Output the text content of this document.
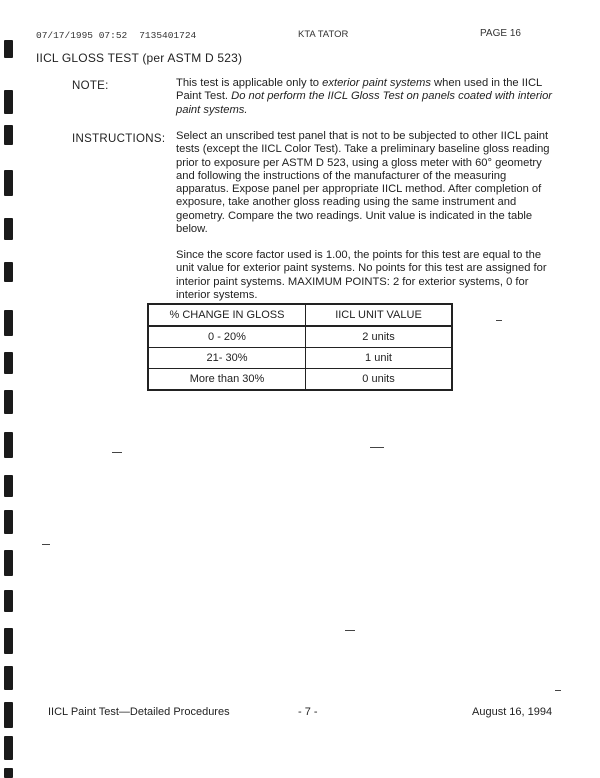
07/17/1995 07:52 7135401724	KTA TATOR	PAGE 16
IICL GLOSS TEST (per ASTM D 523)
NOTE:	This test is applicable only to exterior paint systems when used in the IICL Paint Test. Do not perform the IICL Gloss Test on panels coated with interior paint systems.
INSTRUCTIONS: Select an unscribed test panel that is not to be subjected to other IICL paint tests (except the IICL Color Test). Take a preliminary baseline gloss reading prior to exposure per ASTM D 523, using a gloss meter with 60° geometry and following the instructions of the manufacturer of the measuring apparatus. Expose panel per appropriate IICL method. After completion of exposure, take another gloss reading using the same instrument and geometry. Compare the two readings. Unit value is indicated in the table below.
Since the score factor used is 1.00, the points for this test are equal to the unit value for exterior paint systems. No points for this test are assigned for interior paint systems. MAXIMUM POINTS: 2 for exterior systems, 0 for interior systems.
% CHANGE IN GLOSS	IICL UNIT VALUE
0 - 20%	2 units
21- 30%	1 unit
More than 30%	0 units
IICL Paint Test—Detailed Procedures	- 7 -	August 16, 1994
